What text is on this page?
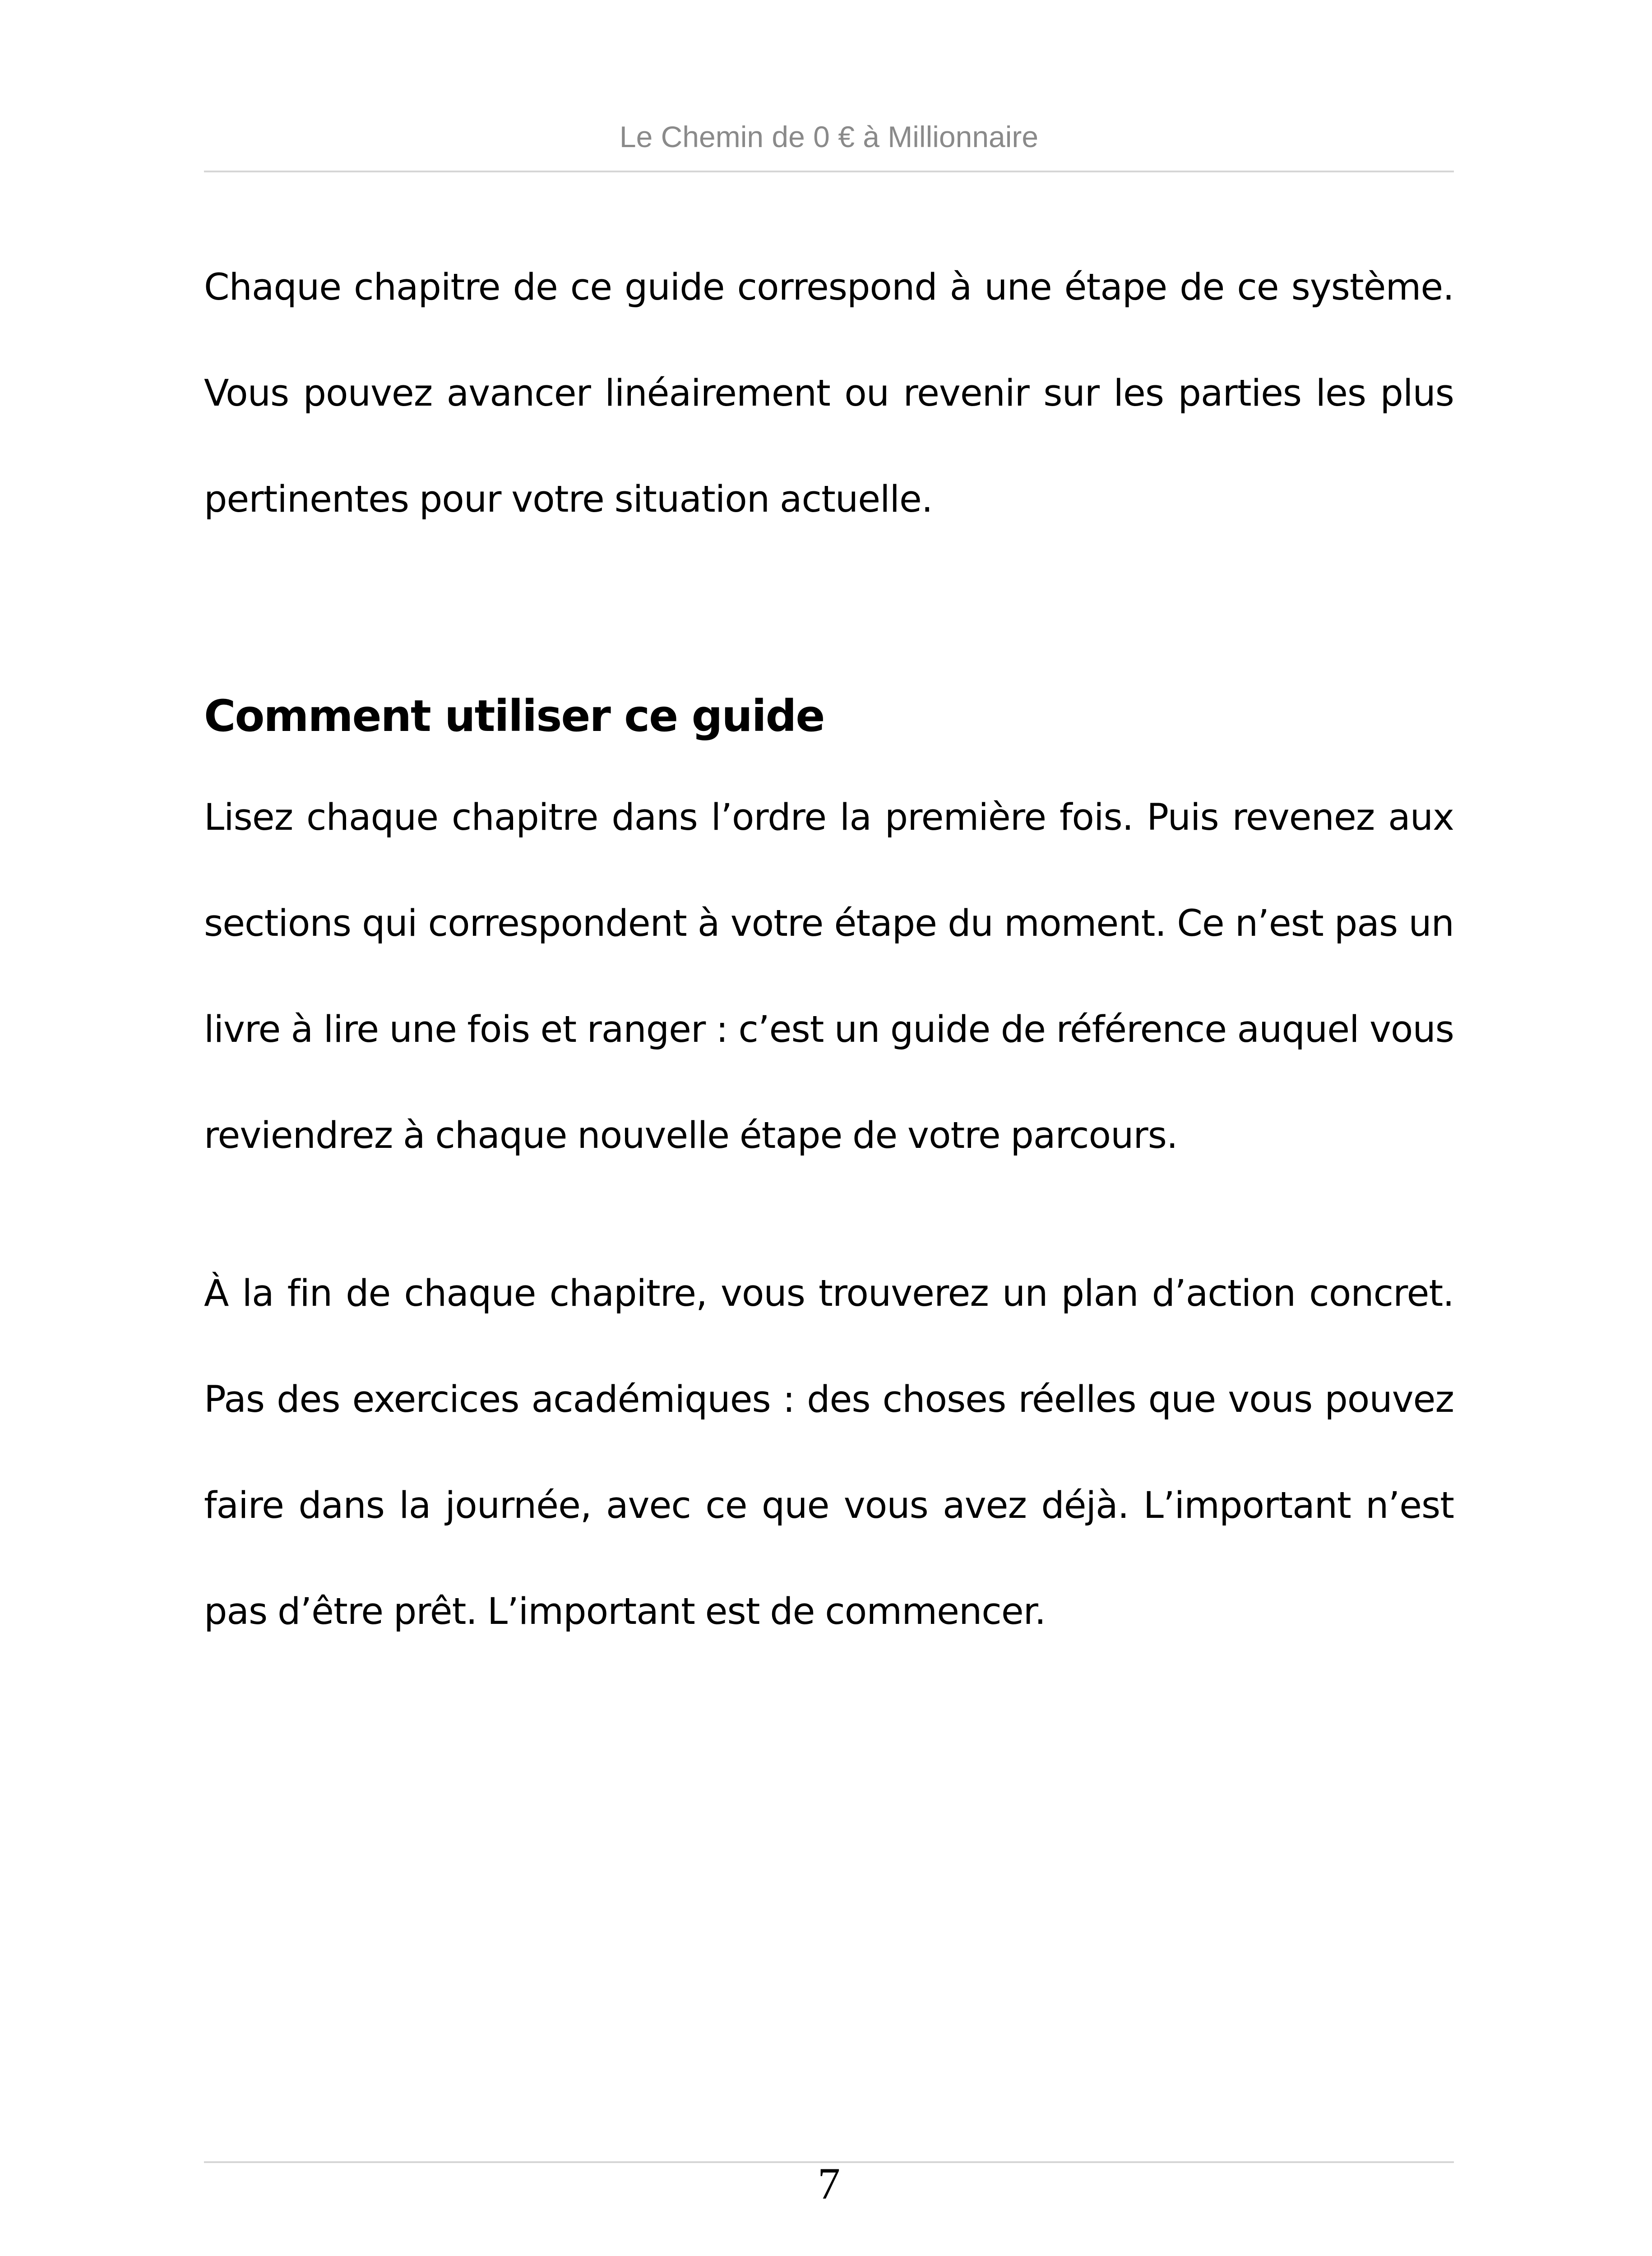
Le Chemin de 0 € à Millionnaire

Chaque chapitre de ce guide correspond à une étape de ce système. Vous pouvez avancer linéairement ou revenir sur les parties les plus pertinentes pour votre situation actuelle.

Comment utiliser ce guide

Lisez chaque chapitre dans l’ordre la première fois. Puis revenez aux sections qui correspondent à votre étape du moment. Ce n’est pas un livre à lire une fois et ranger : c’est un guide de référence auquel vous reviendrez à chaque nouvelle étape de votre parcours.

À la fin de chaque chapitre, vous trouverez un plan d’action concret. Pas des exercices académiques : des choses réelles que vous pouvez faire dans la journée, avec ce que vous avez déjà. L’important n’est pas d’être prêt. L’important est de commencer.

7
